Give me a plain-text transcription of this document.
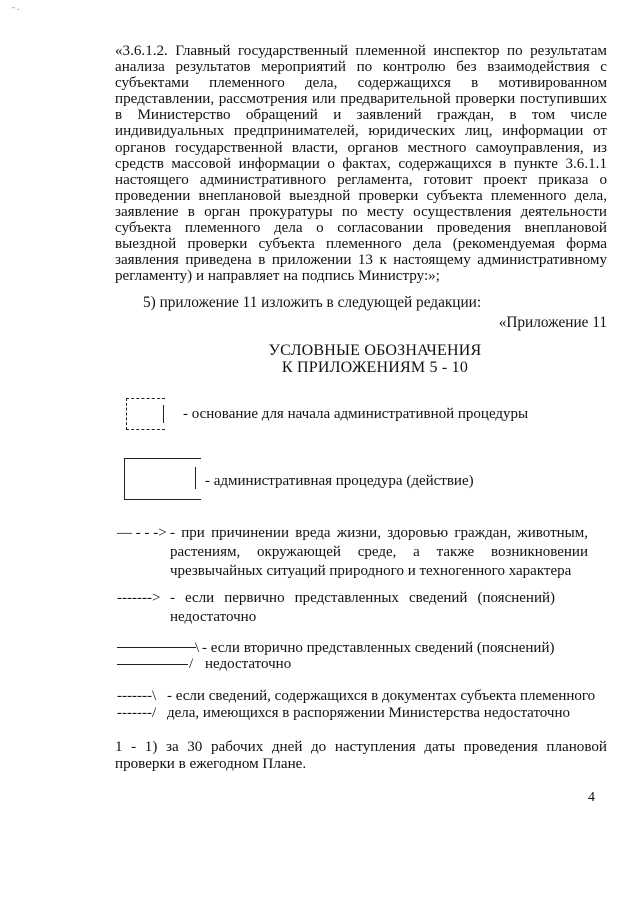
- .

«3.6.1.2. Главный государственный племенной инспектор по результатам анализа результатов мероприятий по контролю без взаимодействия с субъектами племенного дела, содержащихся в мотивированном представлении, рассмотрения или предварительной проверки поступивших в Министерство обращений и заявлений граждан, в том числе индивидуальных предпринимателей, юридических лиц, информации от органов государственной власти, органов местного самоуправления, из средств массовой информации о фактах, содержащихся в пункте 3.6.1.1 настоящего административного регламента, готовит проект приказа о проведении внеплановой выездной проверки субъекта племенного дела, заявление в орган прокуратуры по месту осуществления деятельности субъекта племенного дела о согласовании проведения внеплановой выездной проверки субъекта племенного дела (рекомендуемая форма заявления приведена в приложении 13 к настоящему административному регламенту) и направляет на подпись Министру:»;

5) приложение 11 изложить в следующей редакции:

«Приложение 11

УСЛОВНЫЕ ОБОЗНАЧЕНИЯ
К ПРИЛОЖЕНИЯМ 5 - 10

- основание для начала административной процедуры

- административная процедура (действие)

— - - -> - при причинении вреда жизни, здоровью граждан, животным, растениям, окружающей среде, а также возникновении чрезвычайных ситуаций природного и техногенного характера

-------> - если первично представленных сведений (пояснений) недостаточно

\
/

- если вторично представленных сведений (пояснений)

недостаточно

-------\

-------/

- если сведений, содержащихся в документах субъекта племенного

дела, имеющихся в распоряжении Министерства недостаточно

1 - 1) за 30 рабочих дней до наступления даты проведения плановой проверки в ежегодном Плане.

4
